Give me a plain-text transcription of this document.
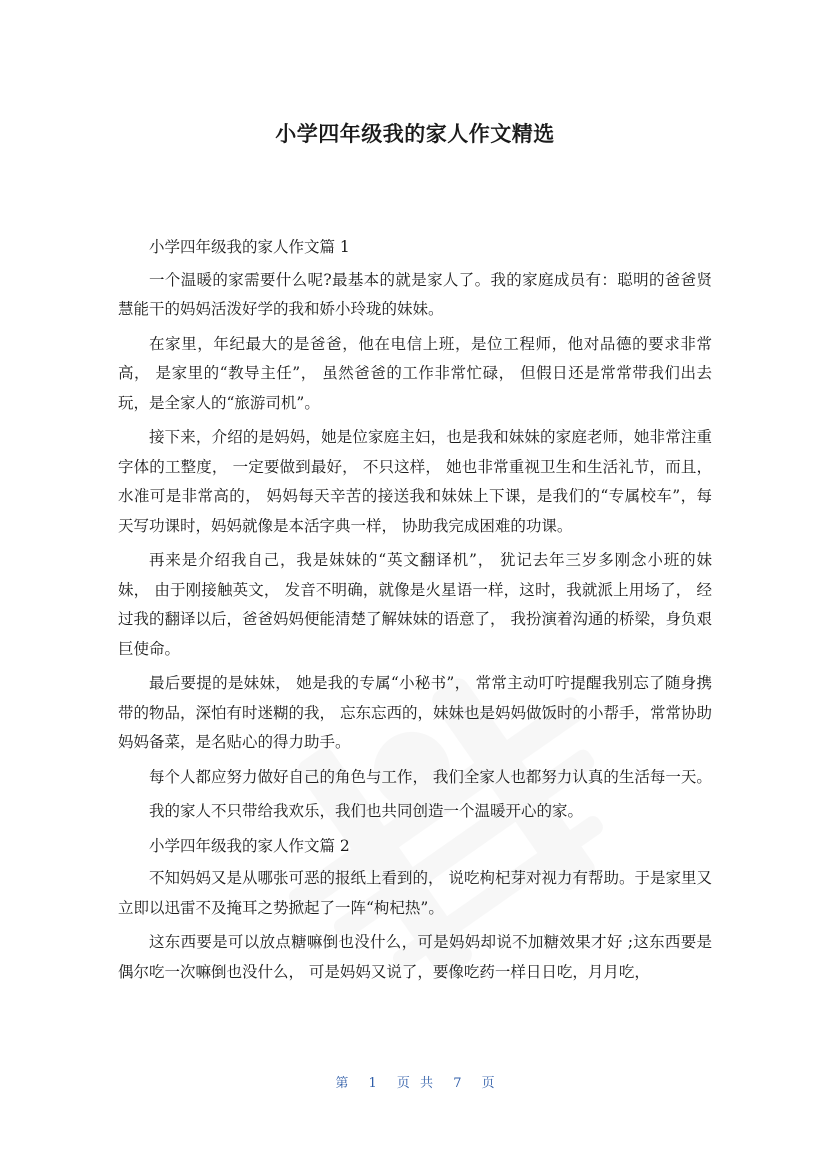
小学四年级我的家人作文精选

小学四年级我的家人作文篇 1

一个温暖的家需要什么呢?最基本的就是家人了。我的家庭成员有：聪明的爸爸贤慧能干的妈妈活泼好学的我和娇小玲珑的妹妹。

在家里，年纪最大的是爸爸，他在电信上班，是位工程师，他对品德的要求非常高， 是家里的“教导主任”， 虽然爸爸的工作非常忙碌， 但假日还是常常带我们出去玩，是全家人的“旅游司机”。

接下来，介绍的是妈妈，她是位家庭主妇，也是我和妹妹的家庭老师，她非常注重字体的工整度， 一定要做到最好， 不只这样， 她也非常重视卫生和生活礼节，而且， 水准可是非常高的， 妈妈每天辛苦的接送我和妹妹上下课，是我们的“专属校车”，每天写功课时，妈妈就像是本活字典一样， 协助我完成困难的功课。

再来是介绍我自己，我是妹妹的“英文翻译机”， 犹记去年三岁多刚念小班的妹妹， 由于刚接触英文， 发音不明确，就像是火星语一样，这时，我就派上用场了， 经过我的翻译以后，爸爸妈妈便能清楚了解妹妹的语意了， 我扮演着沟通的桥梁，身负艰巨使命。

最后要提的是妹妹， 她是我的专属“小秘书”， 常常主动叮咛提醒我别忘了随身携带的物品，深怕有时迷糊的我， 忘东忘西的，妹妹也是妈妈做饭时的小帮手，常常协助妈妈备菜，是名贴心的得力助手。

每个人都应努力做好自己的角色与工作， 我们全家人也都努力认真的生活每一天。

我的家人不只带给我欢乐，我们也共同创造一个温暖开心的家。

小学四年级我的家人作文篇 2

不知妈妈又是从哪张可恶的报纸上看到的， 说吃枸杞芽对视力有帮助。于是家里又立即以迅雷不及掩耳之势掀起了一阵“枸杞热”。

这东西要是可以放点糖嘛倒也没什么，可是妈妈却说不加糖效果才好 ;这东西要是偶尔吃一次嘛倒也没什么， 可是妈妈又说了，要像吃药一样日日吃，月月吃，

第 1 页 共 7 页
